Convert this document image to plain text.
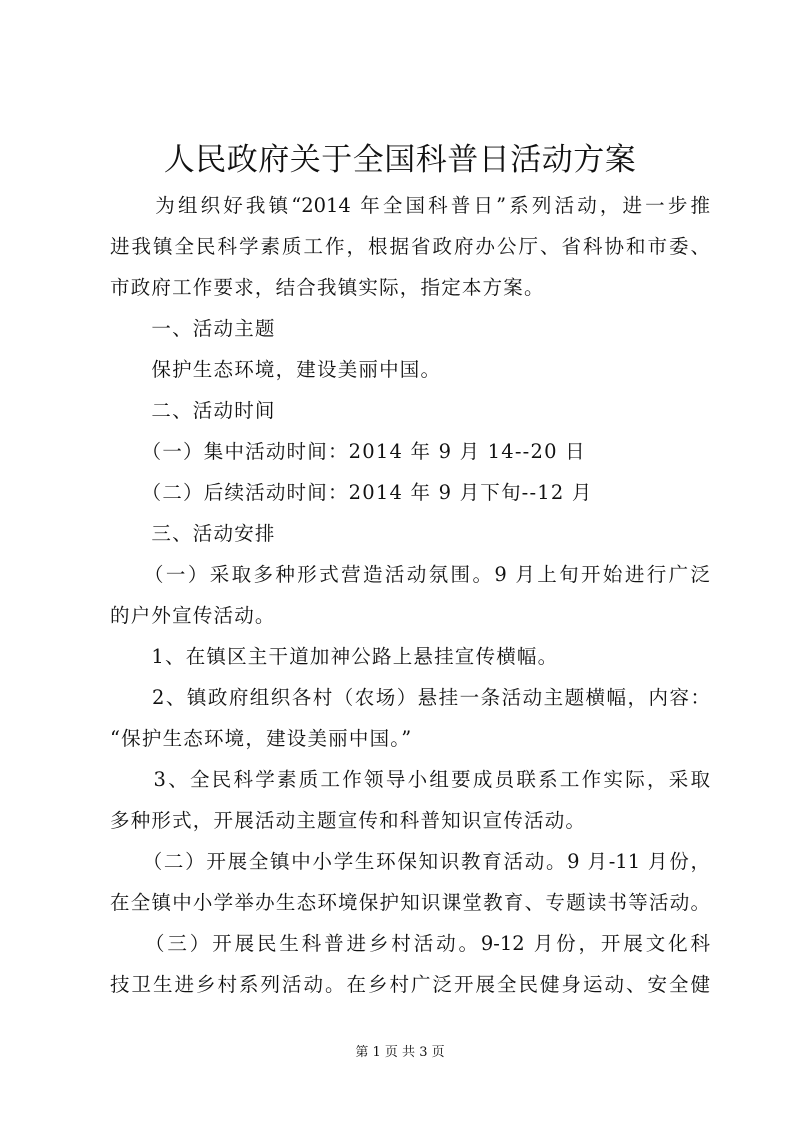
人民政府关于全国科普日活动方案

　　为组织好我镇“2014 年全国科普日”系列活动，进一步推

进我镇全民科学素质工作，根据省政府办公厅、省科协和市委、

市政府工作要求，结合我镇实际，指定本方案。

　　一、活动主题

　　保护生态环境，建设美丽中国。

　　二、活动时间

　　（一）集中活动时间：2014 年 9 月 14--20 日

　　（二）后续活动时间：2014 年 9 月下旬--12 月

　　三、活动安排

　　（一）采取多种形式营造活动氛围。9 月上旬开始进行广泛

的户外宣传活动。

　　1、在镇区主干道加神公路上悬挂宣传横幅。

　　2、镇政府组织各村（农场）悬挂一条活动主题横幅，内容：

“保护生态环境，建设美丽中国。”

　　3、全民科学素质工作领导小组要成员联系工作实际，采取

多种形式，开展活动主题宣传和科普知识宣传活动。

　　（二）开展全镇中小学生环保知识教育活动。9 月-11 月份，

在全镇中小学举办生态环境保护知识课堂教育、专题读书等活动。

　　（三）开展民生科普进乡村活动。9-12 月份，开展文化科

技卫生进乡村系列活动。在乡村广泛开展全民健身运动、安全健

第 1 页 共 3 页
